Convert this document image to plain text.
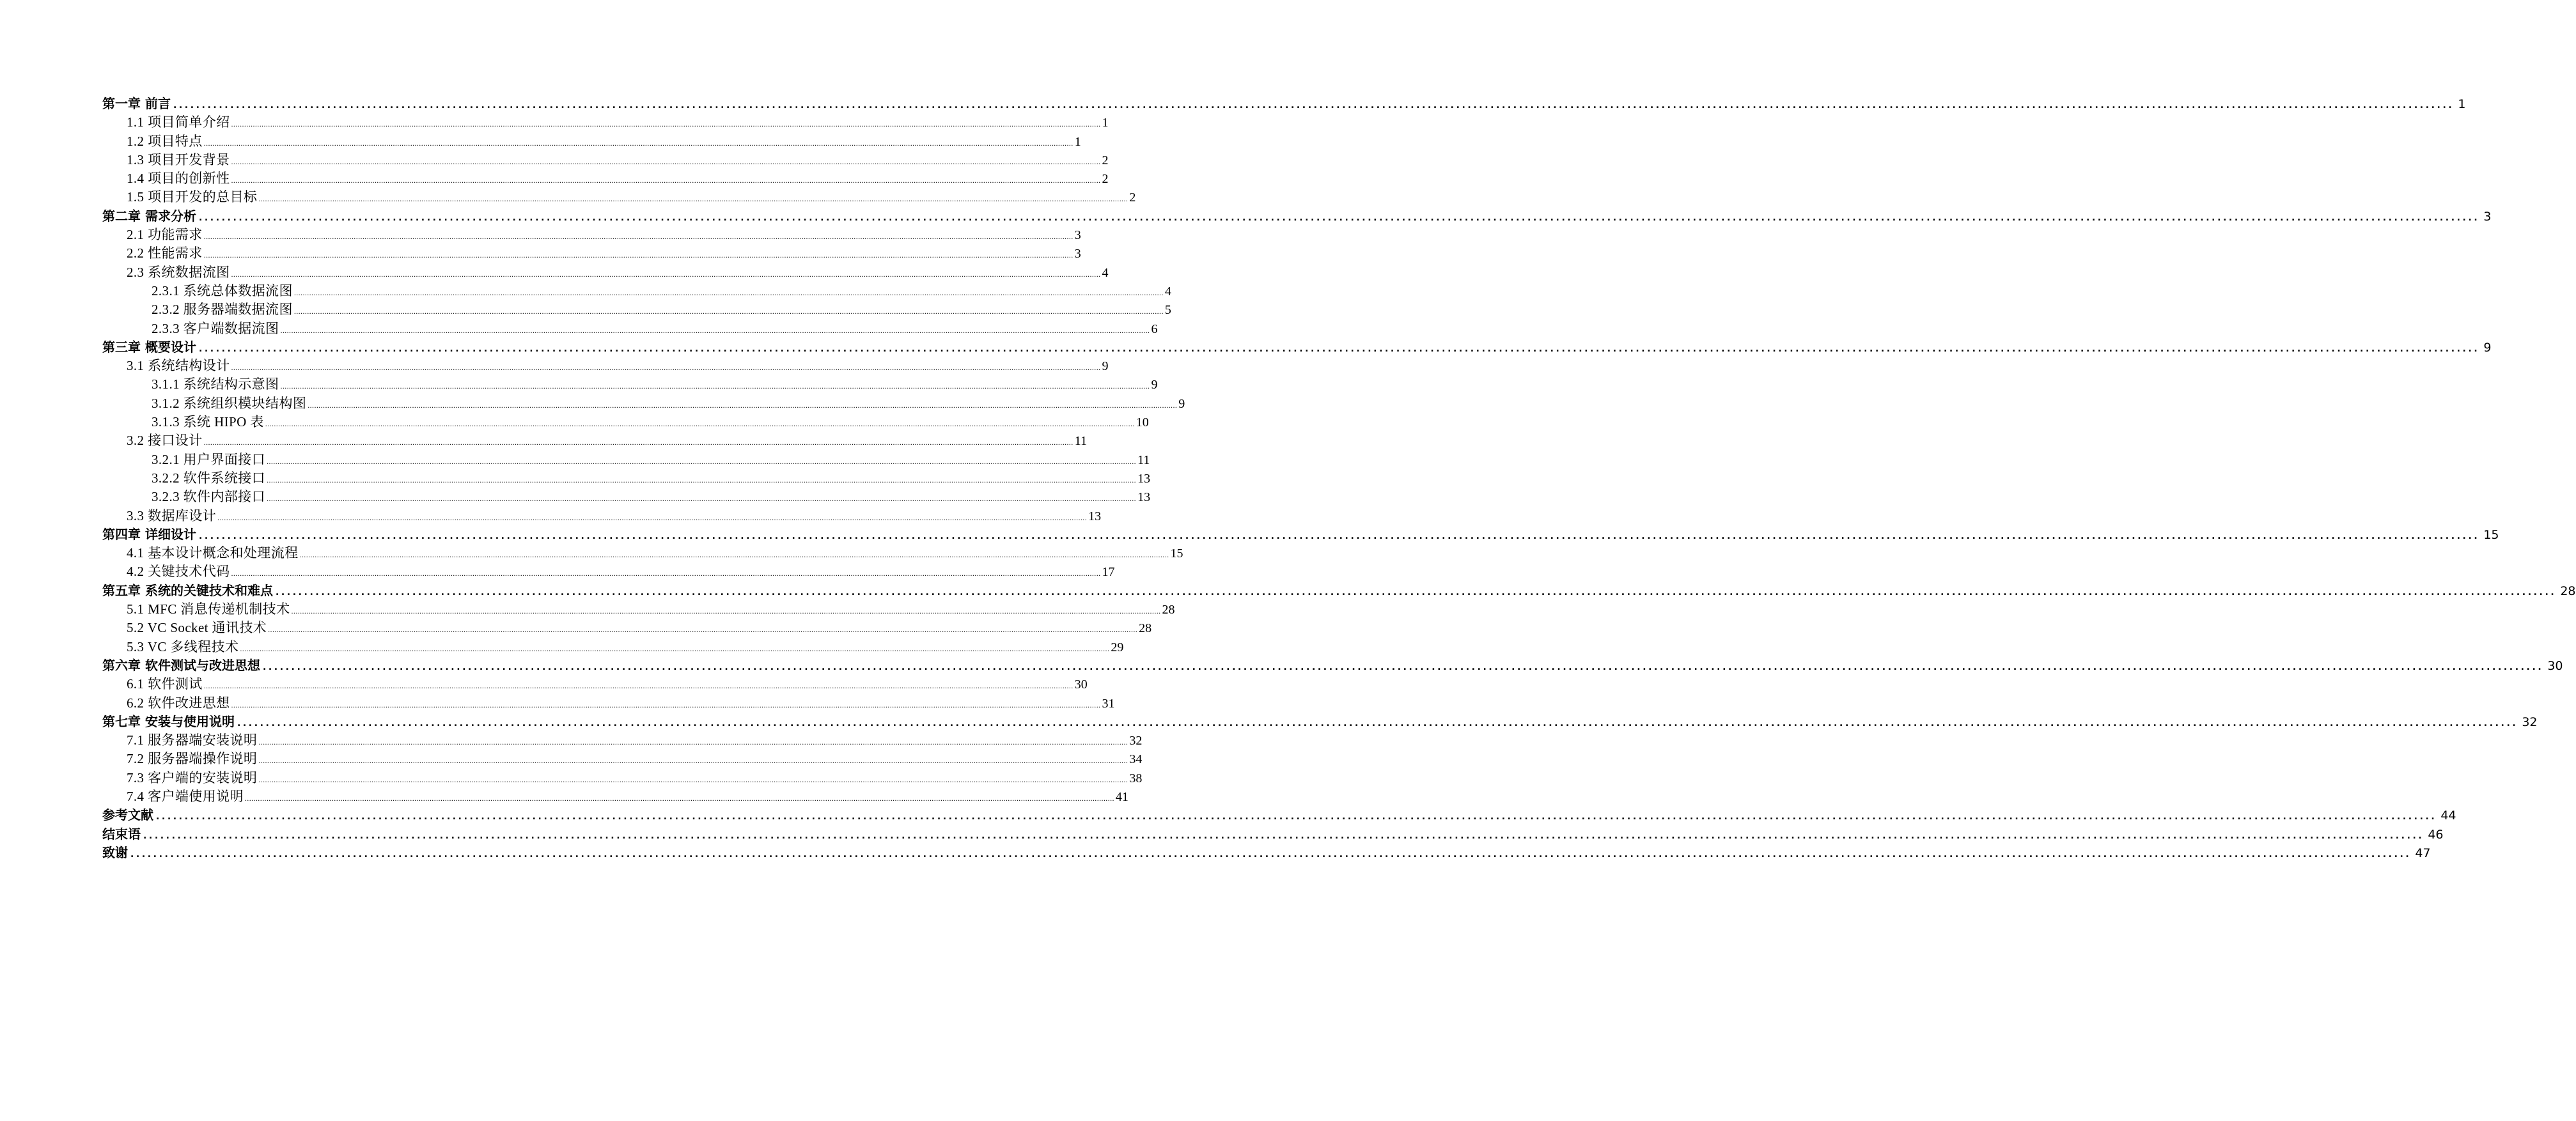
第一章 前言 ................................................................................................................................................................................................................................................................................................................................................................................................................ 1
1.1 项目简单介绍 ................................................................................................................................................................................................................................................................................................................................................................................................................ 1
1.2 项目特点 ................................................................................................................................................................................................................................................................................................................................................................................................................ 1
1.3 项目开发背景 ................................................................................................................................................................................................................................................................................................................................................................................................................ 2
1.4 项目的创新性 ................................................................................................................................................................................................................................................................................................................................................................................................................ 2
1.5 项目开发的总目标 ................................................................................................................................................................................................................................................................................................................................................................................................................ 2
第二章 需求分析 ................................................................................................................................................................................................................................................................................................................................................................................................................ 3
2.1 功能需求 ................................................................................................................................................................................................................................................................................................................................................................................................................ 3
2.2 性能需求 ................................................................................................................................................................................................................................................................................................................................................................................................................ 3
2.3 系统数据流图 ................................................................................................................................................................................................................................................................................................................................................................................................................ 4
2.3.1 系统总体数据流图 ................................................................................................................................................................................................................................................................................................................................................................................................................ 4
2.3.2 服务器端数据流图 ................................................................................................................................................................................................................................................................................................................................................................................................................ 5
2.3.3 客户端数据流图 ................................................................................................................................................................................................................................................................................................................................................................................................................ 6
第三章 概要设计 ................................................................................................................................................................................................................................................................................................................................................................................................................ 9
3.1 系统结构设计 ................................................................................................................................................................................................................................................................................................................................................................................................................ 9
3.1.1 系统结构示意图 ................................................................................................................................................................................................................................................................................................................................................................................................................ 9
3.1.2 系统组织模块结构图 ................................................................................................................................................................................................................................................................................................................................................................................................................ 9
3.1.3 系统 HIPO 表 ................................................................................................................................................................................................................................................................................................................................................................................................................ 10
3.2 接口设计 ................................................................................................................................................................................................................................................................................................................................................................................................................ 11
3.2.1 用户界面接口 ................................................................................................................................................................................................................................................................................................................................................................................................................ 11
3.2.2 软件系统接口 ................................................................................................................................................................................................................................................................................................................................................................................................................ 13
3.2.3 软件内部接口 ................................................................................................................................................................................................................................................................................................................................................................................................................ 13
3.3 数据库设计 ................................................................................................................................................................................................................................................................................................................................................................................................................ 13
第四章 详细设计 ................................................................................................................................................................................................................................................................................................................................................................................................................ 15
4.1 基本设计概念和处理流程 ................................................................................................................................................................................................................................................................................................................................................................................................................ 15
4.2 关键技术代码 ................................................................................................................................................................................................................................................................................................................................................................................................................ 17
第五章 系统的关键技术和难点 ................................................................................................................................................................................................................................................................................................................................................................................................................ 28
5.1 MFC 消息传递机制技术 ................................................................................................................................................................................................................................................................................................................................................................................................................ 28
5.2 VC Socket 通讯技术 ................................................................................................................................................................................................................................................................................................................................................................................................................ 28
5.3 VC 多线程技术 ................................................................................................................................................................................................................................................................................................................................................................................................................ 29
第六章 软件测试与改进思想 ................................................................................................................................................................................................................................................................................................................................................................................................................ 30
6.1 软件测试 ................................................................................................................................................................................................................................................................................................................................................................................................................ 30
6.2 软件改进思想 ................................................................................................................................................................................................................................................................................................................................................................................................................ 31
第七章 安装与使用说明 ................................................................................................................................................................................................................................................................................................................................................................................................................ 32
7.1 服务器端安装说明 ................................................................................................................................................................................................................................................................................................................................................................................................................ 32
7.2 服务器端操作说明 ................................................................................................................................................................................................................................................................................................................................................................................................................ 34
7.3 客户端的安装说明 ................................................................................................................................................................................................................................................................................................................................................................................................................ 38
7.4 客户端使用说明 ................................................................................................................................................................................................................................................................................................................................................................................................................ 41
参考文献 ................................................................................................................................................................................................................................................................................................................................................................................................................ 44
结束语 ................................................................................................................................................................................................................................................................................................................................................................................................................ 46
致谢 ................................................................................................................................................................................................................................................................................................................................................................................................................ 47
